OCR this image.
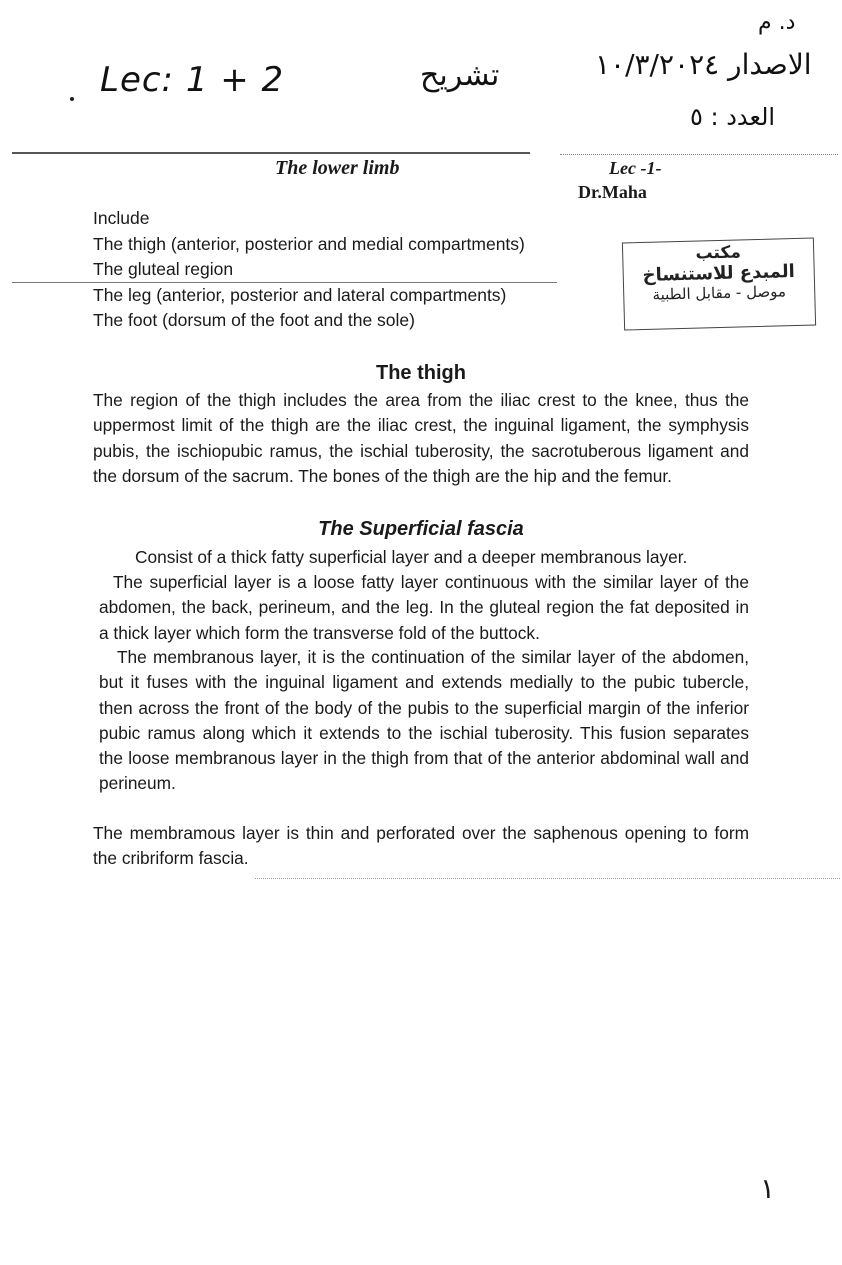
Lec: 1 + 2	تشريح	الاصدار ١٠/٣/٢٠٢٤
العدد : ٥
د. م
The lower limb	Lec -1-
Dr.Maha
Include
The thigh (anterior, posterior and medial compartments)
The gluteal region
The leg (anterior, posterior and lateral compartments)
The foot (dorsum of the foot and the sole)
مكتب
المبدع للاستنساخ
موصل - مقابل الطبية
The thigh
The region of the thigh includes the area from the iliac crest to the knee, thus the uppermost limit of the thigh are the iliac crest, the inguinal ligament, the symphysis pubis, the ischiopubic ramus, the ischial tuberosity, the sacrotuberous ligament and the dorsum of the sacrum. The bones of the thigh are the hip and the femur.
The Superficial fascia
Consist of a thick fatty superficial layer and a deeper membranous layer.
The superficial layer is a loose fatty layer continuous with the similar layer of the abdomen, the back, perineum, and the leg. In the gluteal region the fat deposited in a thick layer which form the transverse fold of the buttock.
The membranous layer, it is the continuation of the similar layer of the abdomen, but it fuses with the inguinal ligament and extends medially to the pubic tubercle, then across the front of the body of the pubis to the superficial margin of the inferior pubic ramus along which it extends to the ischial tuberosity. This fusion separates the loose membranous layer in the thigh from that of the anterior abdominal wall and perineum.
The membramous layer is thin and perforated over the saphenous opening to form the cribriform fascia.
١
